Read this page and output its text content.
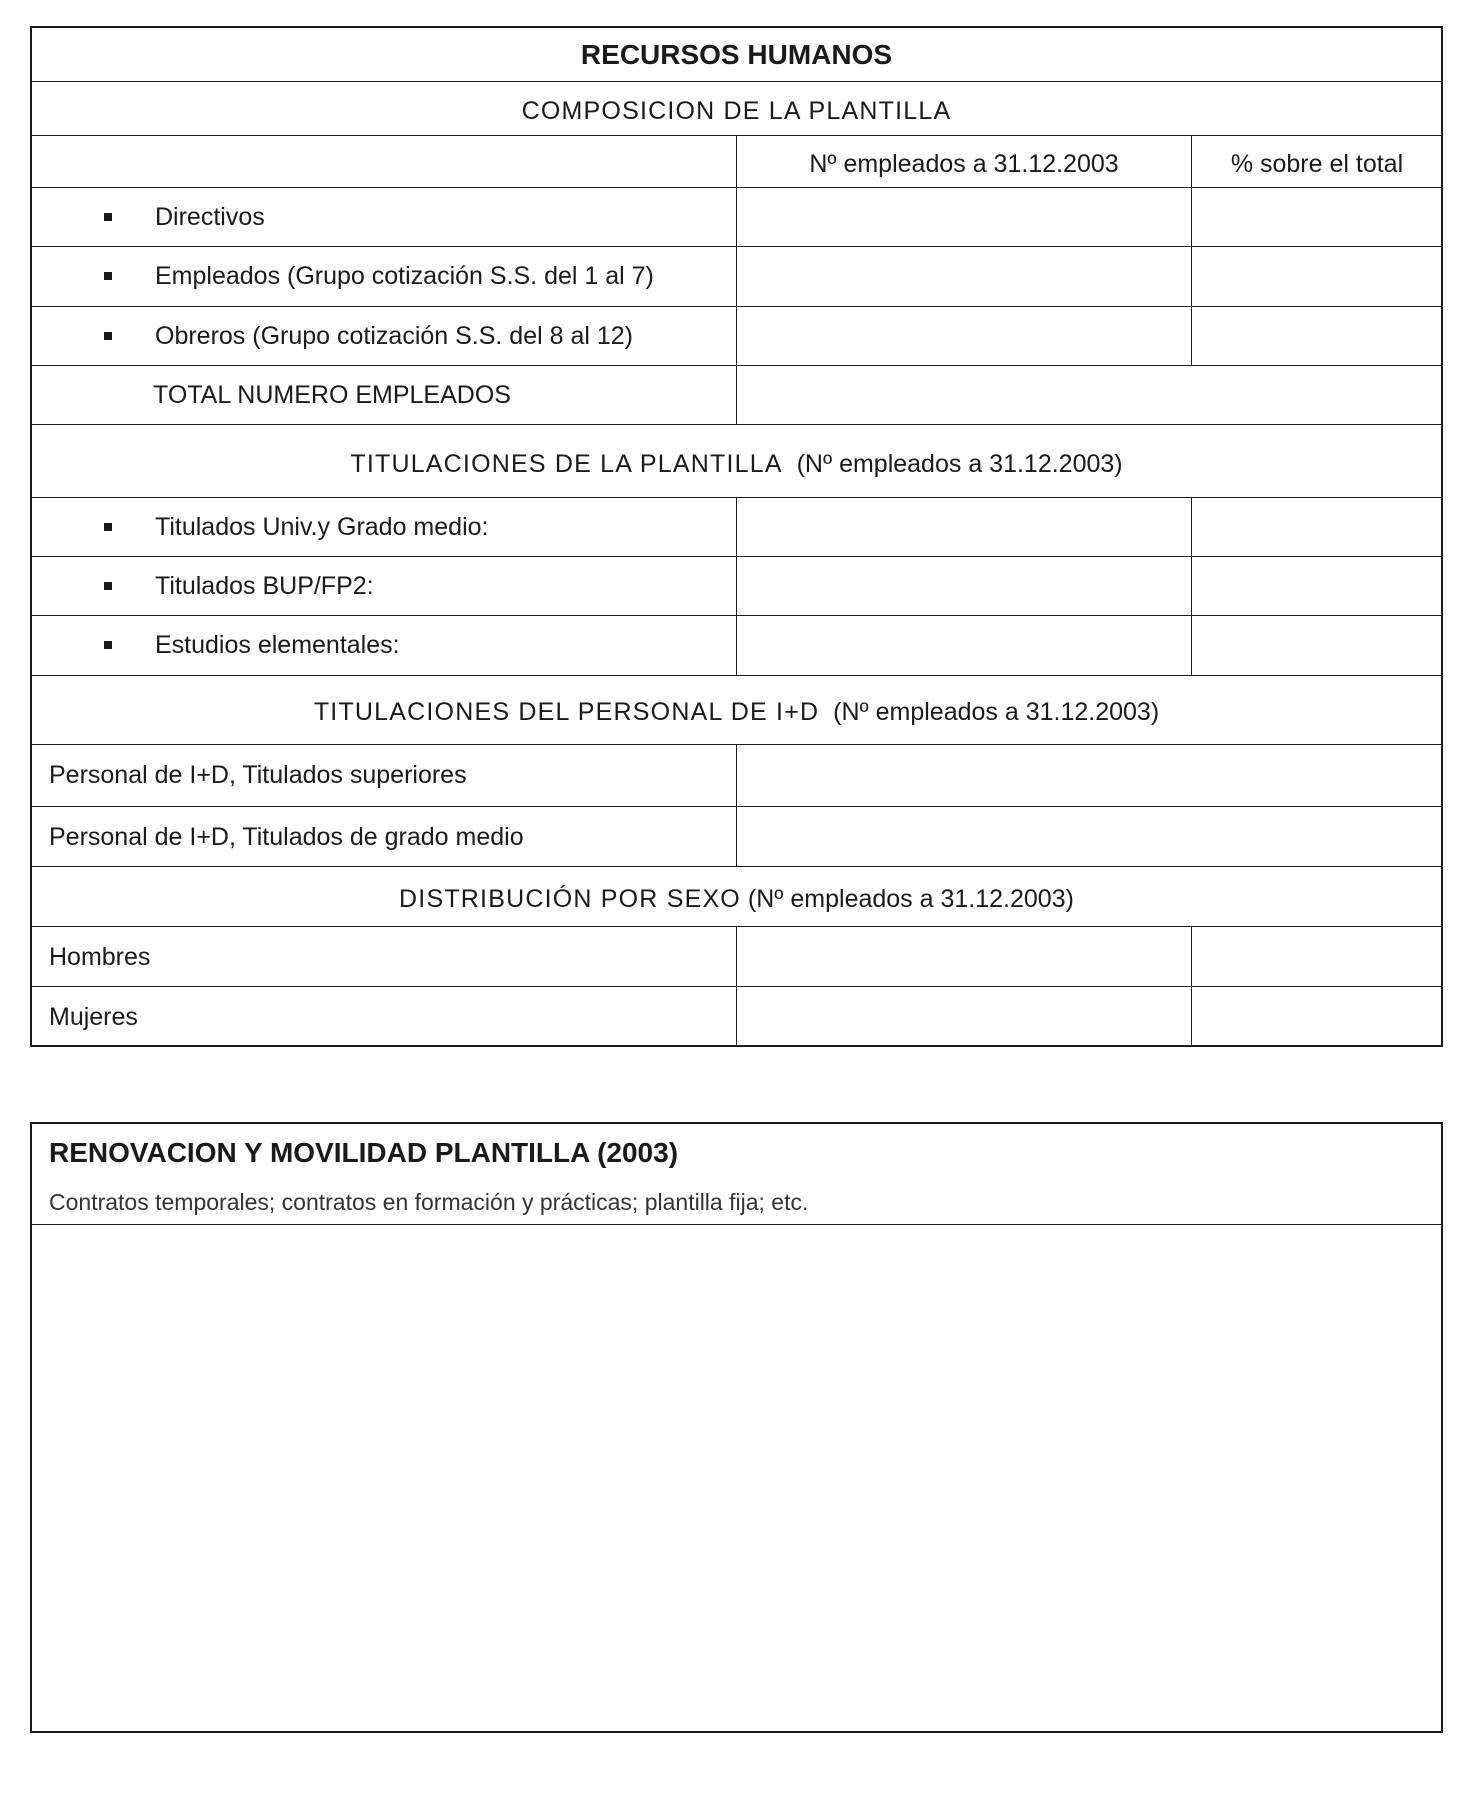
RECURSOS HUMANOS
COMPOSICION DE LA PLANTILLA
Nº empleados a 31.12.2003	% sobre el total
Directivos
Empleados (Grupo cotización S.S. del 1 al 7)
Obreros (Grupo cotización S.S. del 8 al 12)
TOTAL NUMERO EMPLEADOS
TITULACIONES DE LA PLANTILLA (Nº empleados a 31.12.2003)
Titulados Univ.y Grado medio:
Titulados BUP/FP2:
Estudios elementales:
TITULACIONES DEL PERSONAL DE I+D (Nº empleados a 31.12.2003)
Personal de I+D, Titulados superiores
Personal de I+D, Titulados de grado medio
DISTRIBUCIÓN POR SEXO (Nº empleados a 31.12.2003)
Hombres
Mujeres
RENOVACION Y MOVILIDAD PLANTILLA (2003)
Contratos temporales; contratos en formación y prácticas; plantilla fija; etc.
